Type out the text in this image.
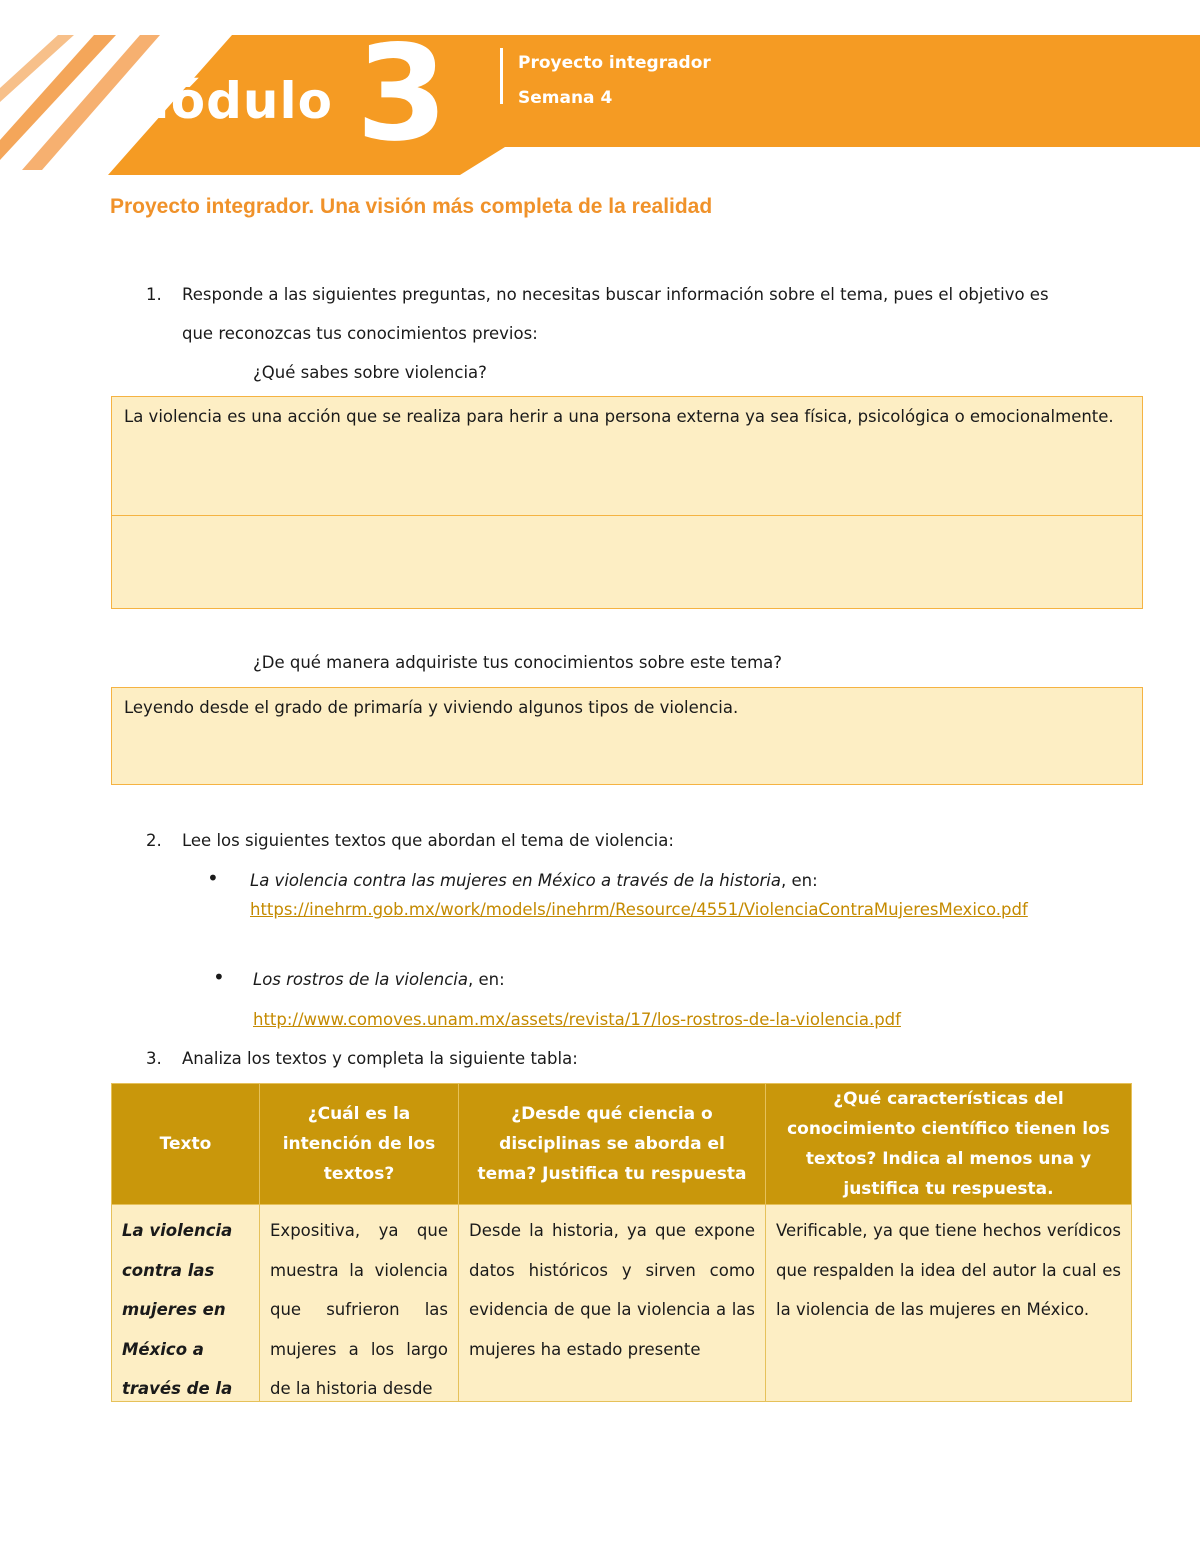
Módulo 3	Proyecto integrador
Semana 4
Proyecto integrador. Una visión más completa de la realidad
1. Responde a las siguientes preguntas, no necesitas buscar información sobre el tema, pues el objetivo es
que reconozcas tus conocimientos previos:
¿Qué sabes sobre violencia?
La violencia es una acción que se realiza para herir a una persona externa ya sea física, psicológica o emocionalmente.
¿De qué manera adquiriste tus conocimientos sobre este tema?
Leyendo desde el grado de primaría y viviendo algunos tipos de violencia.
2. Lee los siguientes textos que abordan el tema de violencia:
• La violencia contra las mujeres en México a través de la historia, en:
https://inehrm.gob.mx/work/models/inehrm/Resource/4551/ViolenciaContraMujeresMexico.pdf
• Los rostros de la violencia, en:
http://www.comoves.unam.mx/assets/revista/17/los-rostros-de-la-violencia.pdf
3. Analiza los textos y completa la siguiente tabla:
Texto	¿Cuál es la intención de los textos?	¿Desde qué ciencia o disciplinas se aborda el tema? Justifica tu respuesta	¿Qué características del conocimiento científico tienen los textos? Indica al menos una y justifica tu respuesta.

La violencia contra las mujeres en México a través de la	Expositiva, ya que muestra la violencia que sufrieron las mujeres a los largo de la historia desde	Desde la historia, ya que expone datos históricos y sirven como evidencia de que la violencia a las mujeres ha estado presente	Verificable, ya que tiene hechos verídicos que respalden la idea del autor la cual es la violencia de las mujeres en México.
